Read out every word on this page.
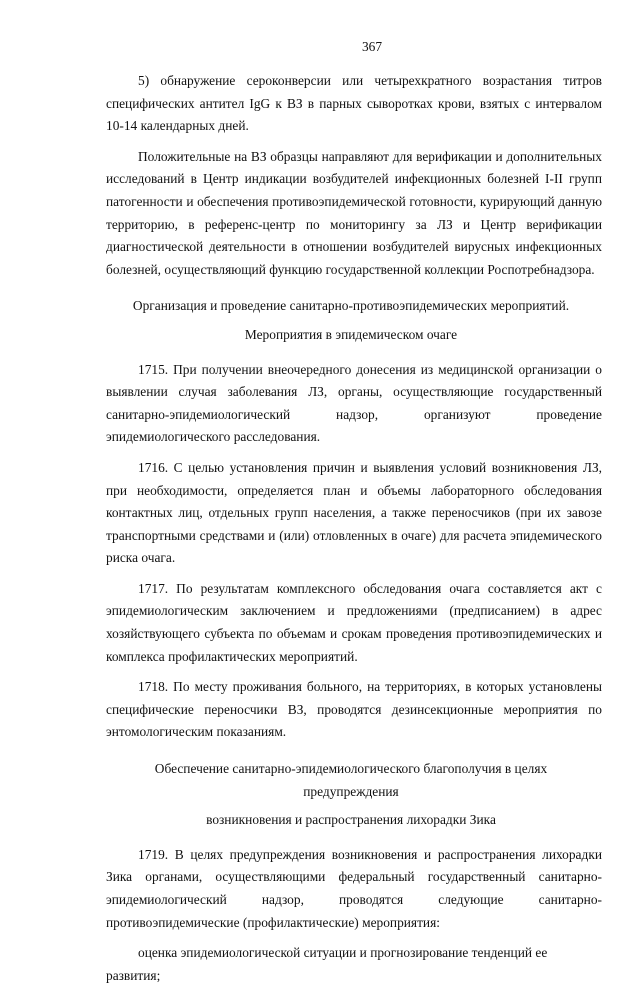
367

5) обнаружение сероконверсии или четырехкратного возрастания титров специфических антител IgG к ВЗ в парных сыворотках крови, взятых с интервалом 10-14 календарных дней.

Положительные на ВЗ образцы направляют для верификации и дополнительных исследований в Центр индикации возбудителей инфекционных болезней I-II групп патогенности и обеспечения противоэпидемической готовности, курирующий данную территорию, в референс-центр по мониторингу за ЛЗ и Центр верификации диагностической деятельности в отношении возбудителей вирусных инфекционных болезней, осуществляющий функцию государственной коллекции Роспотребнадзора.

Организация и проведение санитарно-противоэпидемических мероприятий.

Мероприятия в эпидемическом очаге

1715. При получении внеочередного донесения из медицинской организации о выявлении случая заболевания ЛЗ, органы, осуществляющие государственный санитарно-эпидемиологический надзор, организуют проведение эпидемиологического расследования.

1716. С целью установления причин и выявления условий возникновения ЛЗ, при необходимости, определяется план и объемы лабораторного обследования контактных лиц, отдельных групп населения, а также переносчиков (при их завозе транспортными средствами и (или) отловленных в очаге) для расчета эпидемического риска очага.

1717. По результатам комплексного обследования очага составляется акт с эпидемиологическим заключением и предложениями (предписанием) в адрес хозяйствующего субъекта по объемам и срокам проведения противоэпидемических и комплекса профилактических мероприятий.

1718. По месту проживания больного, на территориях, в которых установлены специфические переносчики ВЗ, проводятся дезинсекционные мероприятия по энтомологическим показаниям.

Обеспечение санитарно-эпидемиологического благополучия в целях предупреждения

возникновения и распространения лихорадки Зика

1719. В целях предупреждения возникновения и распространения лихорадки Зика органами, осуществляющими федеральный государственный санитарно-эпидемиологический надзор, проводятся следующие санитарно-противоэпидемические (профилактические) мероприятия:

оценка эпидемиологической ситуации и прогнозирование тенденций ее развития;
